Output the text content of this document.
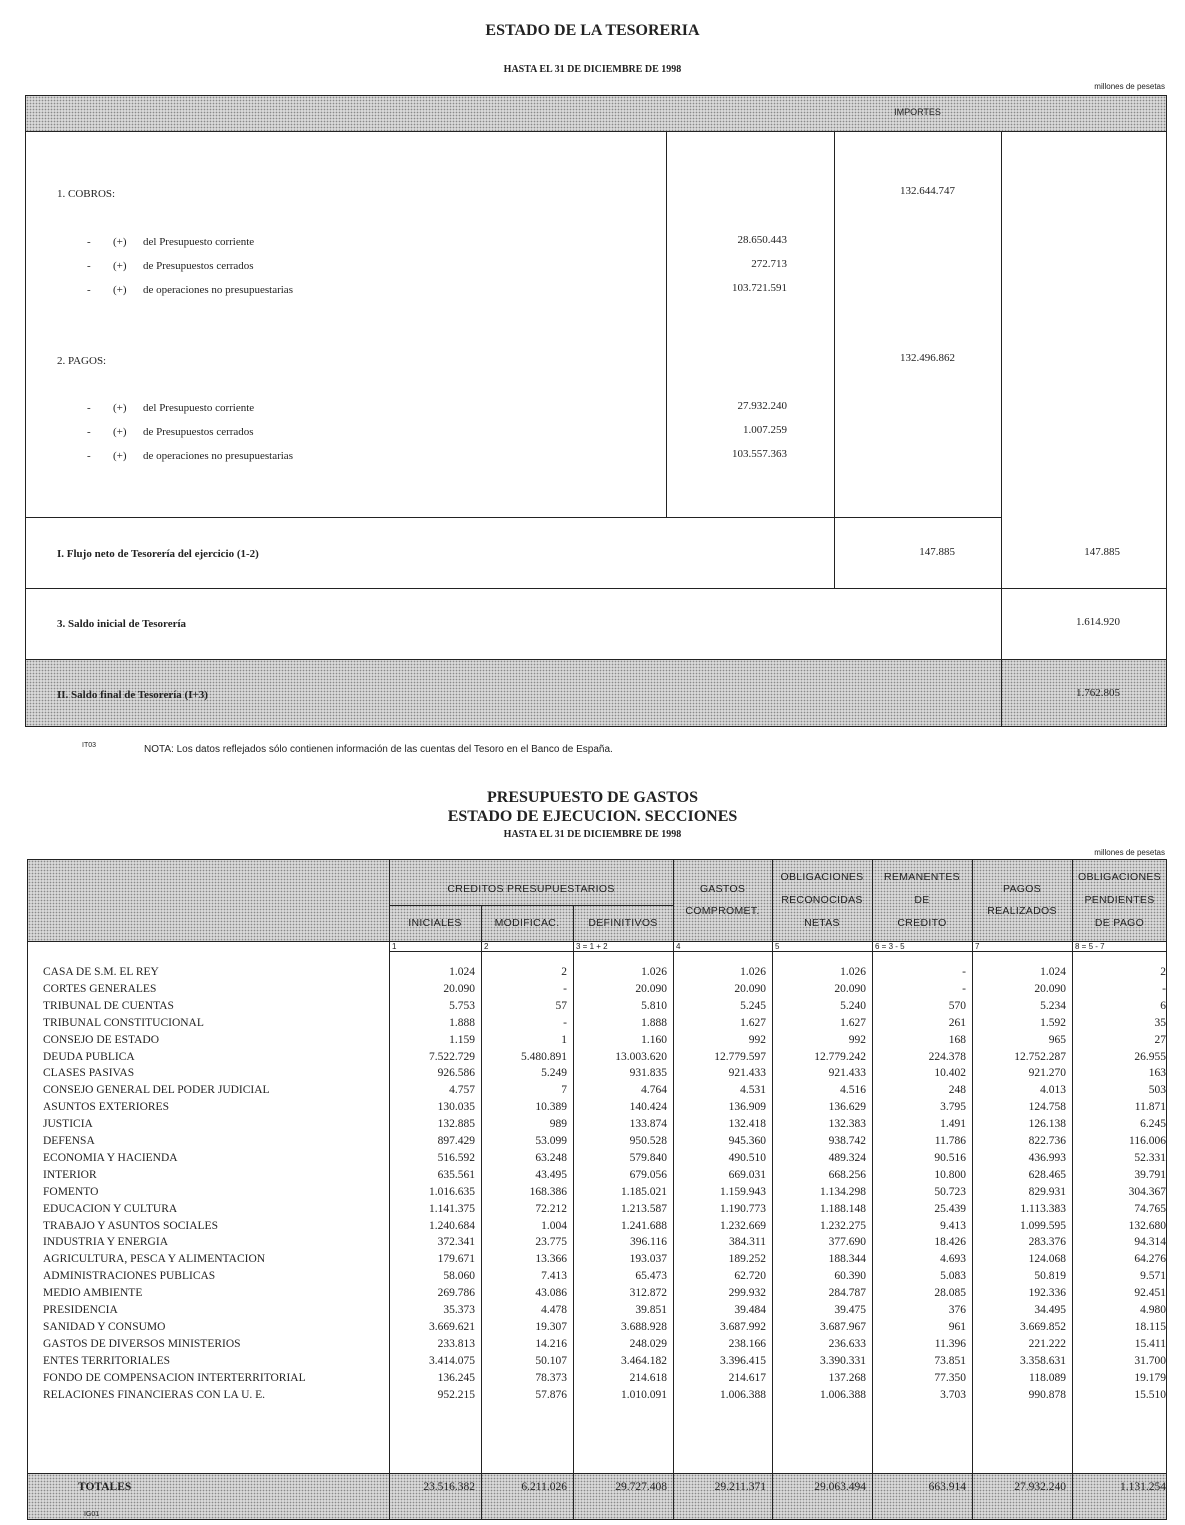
ESTADO DE LA TESORERIA
HASTA EL 31 DE DICIEMBRE DE 1998
millones de pesetas
IMPORTES
1. COBROS:	132.644.747
- (+) del Presupuesto corriente	28.650.443
- (+) de Presupuestos cerrados	272.713
- (+) de operaciones no presupuestarias	103.721.591
2. PAGOS:	132.496.862
- (+) del Presupuesto corriente	27.932.240
- (+) de Presupuestos cerrados	1.007.259
- (+) de operaciones no presupuestarias	103.557.363
I. Flujo neto de Tesorería del ejercicio (1-2)	147.885	147.885
3. Saldo inicial de Tesorería	1.614.920
II. Saldo final de Tesorería (I+3)	1.762.805
IT03	NOTA: Los datos reflejados sólo contienen información de las cuentas del Tesoro en el Banco de España.
PRESUPUESTO DE GASTOS
ESTADO DE EJECUCION. SECCIONES
HASTA EL 31 DE DICIEMBRE DE 1998
millones de pesetas
CREDITOS PRESUPUESTARIOS
INICIALES	MODIFICAC.	DEFINITIVOS
GASTOS
COMPROMET.
OBLIGACIONES
RECONOCIDAS
NETAS
REMANENTES
DE
CREDITO
PAGOS
REALIZADOS
OBLIGACIONES
PENDIENTES
DE PAGO
1	2	3 = 1 + 2	4	5	6 = 3 - 5	7	8 = 5 - 7
CASA DE S.M. EL REY	1.024	2	1.026	1.026	1.026	-	1.024	2
CORTES GENERALES	20.090	-	20.090	20.090	20.090	-	20.090	-
TRIBUNAL DE CUENTAS	5.753	57	5.810	5.245	5.240	570	5.234	6
TRIBUNAL CONSTITUCIONAL	1.888	-	1.888	1.627	1.627	261	1.592	35
CONSEJO DE ESTADO	1.159	1	1.160	992	992	168	965	27
DEUDA PUBLICA	7.522.729	5.480.891	13.003.620	12.779.597	12.779.242	224.378	12.752.287	26.955
CLASES PASIVAS	926.586	5.249	931.835	921.433	921.433	10.402	921.270	163
CONSEJO GENERAL DEL PODER JUDICIAL	4.757	7	4.764	4.531	4.516	248	4.013	503
ASUNTOS EXTERIORES	130.035	10.389	140.424	136.909	136.629	3.795	124.758	11.871
JUSTICIA	132.885	989	133.874	132.418	132.383	1.491	126.138	6.245
DEFENSA	897.429	53.099	950.528	945.360	938.742	11.786	822.736	116.006
ECONOMIA Y HACIENDA	516.592	63.248	579.840	490.510	489.324	90.516	436.993	52.331
INTERIOR	635.561	43.495	679.056	669.031	668.256	10.800	628.465	39.791
FOMENTO	1.016.635	168.386	1.185.021	1.159.943	1.134.298	50.723	829.931	304.367
EDUCACION Y CULTURA	1.141.375	72.212	1.213.587	1.190.773	1.188.148	25.439	1.113.383	74.765
TRABAJO Y ASUNTOS SOCIALES	1.240.684	1.004	1.241.688	1.232.669	1.232.275	9.413	1.099.595	132.680
INDUSTRIA Y ENERGIA	372.341	23.775	396.116	384.311	377.690	18.426	283.376	94.314
AGRICULTURA, PESCA Y ALIMENTACION	179.671	13.366	193.037	189.252	188.344	4.693	124.068	64.276
ADMINISTRACIONES PUBLICAS	58.060	7.413	65.473	62.720	60.390	5.083	50.819	9.571
MEDIO AMBIENTE	269.786	43.086	312.872	299.932	284.787	28.085	192.336	92.451
PRESIDENCIA	35.373	4.478	39.851	39.484	39.475	376	34.495	4.980
SANIDAD Y CONSUMO	3.669.621	19.307	3.688.928	3.687.992	3.687.967	961	3.669.852	18.115
GASTOS DE DIVERSOS MINISTERIOS	233.813	14.216	248.029	238.166	236.633	11.396	221.222	15.411
ENTES TERRITORIALES	3.414.075	50.107	3.464.182	3.396.415	3.390.331	73.851	3.358.631	31.700
FONDO DE COMPENSACION INTERTERRITORIAL	136.245	78.373	214.618	214.617	137.268	77.350	118.089	19.179
RELACIONES FINANCIERAS CON LA U. E.	952.215	57.876	1.010.091	1.006.388	1.006.388	3.703	990.878	15.510
TOTALES	23.516.382	6.211.026	29.727.408	29.211.371	29.063.494	663.914	27.932.240	1.131.254
IG01
